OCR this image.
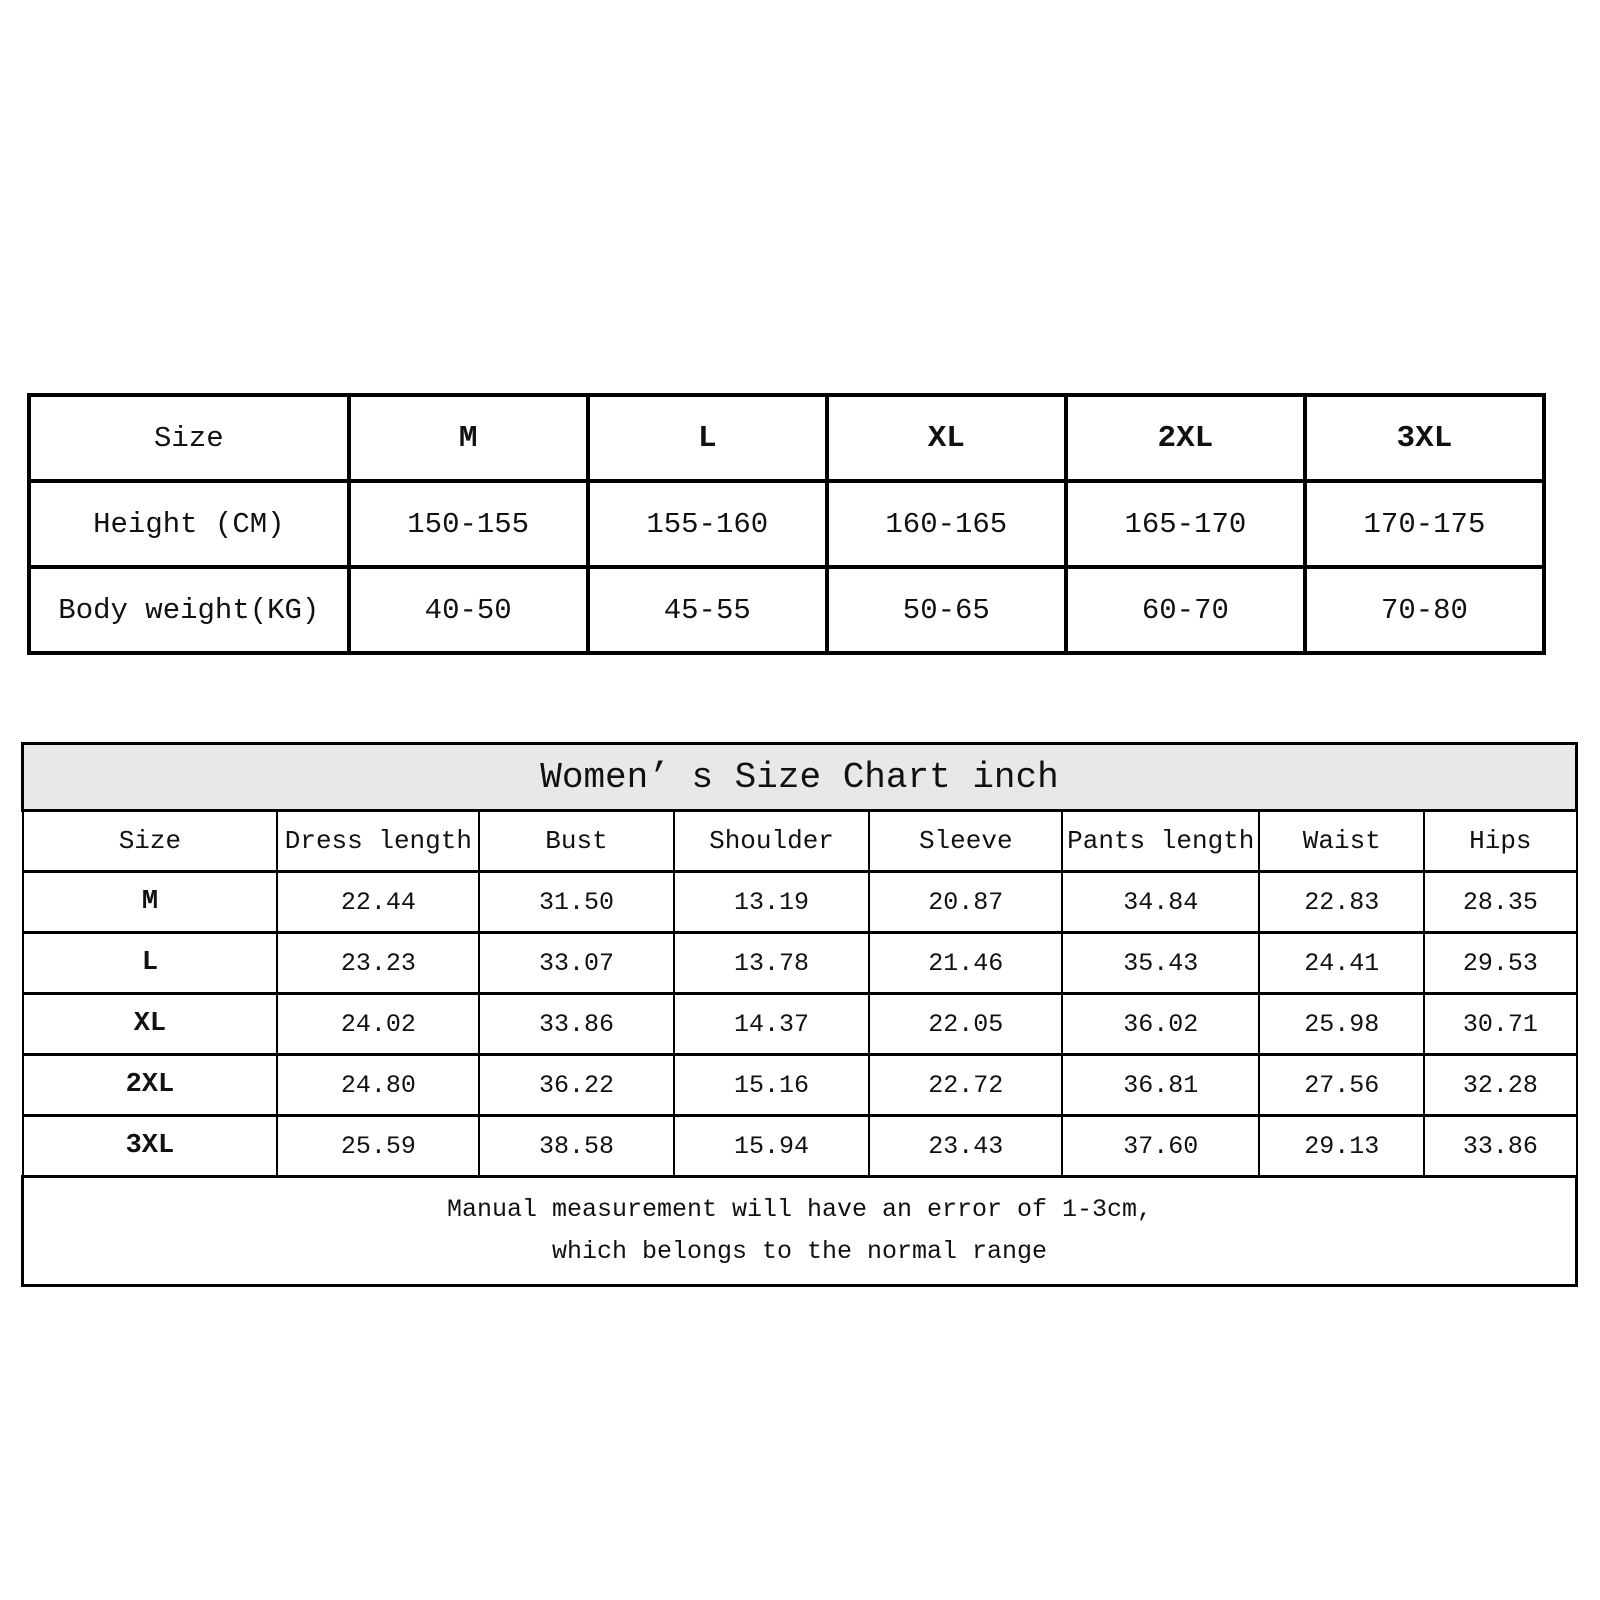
Size	M	L	XL	2XL	3XL
Height (CM)	150-155	155-160	160-165	165-170	170-175
Body weight(KG)	40-50	45-55	50-65	60-70	70-80
Women’ s Size Chart inch							
Size	Dress length	Bust	Shoulder	Sleeve	Pants length	Waist	Hips
M	22.44	31.50	13.19	20.87	34.84	22.83	28.35
L	23.23	33.07	13.78	21.46	35.43	24.41	29.53
XL	24.02	33.86	14.37	22.05	36.02	25.98	30.71
2XL	24.80	36.22	15.16	22.72	36.81	27.56	32.28
3XL	25.59	38.58	15.94	23.43	37.60	29.13	33.86

Manual measurement will have an error of 1-3cm,
which belongs to the normal range							
